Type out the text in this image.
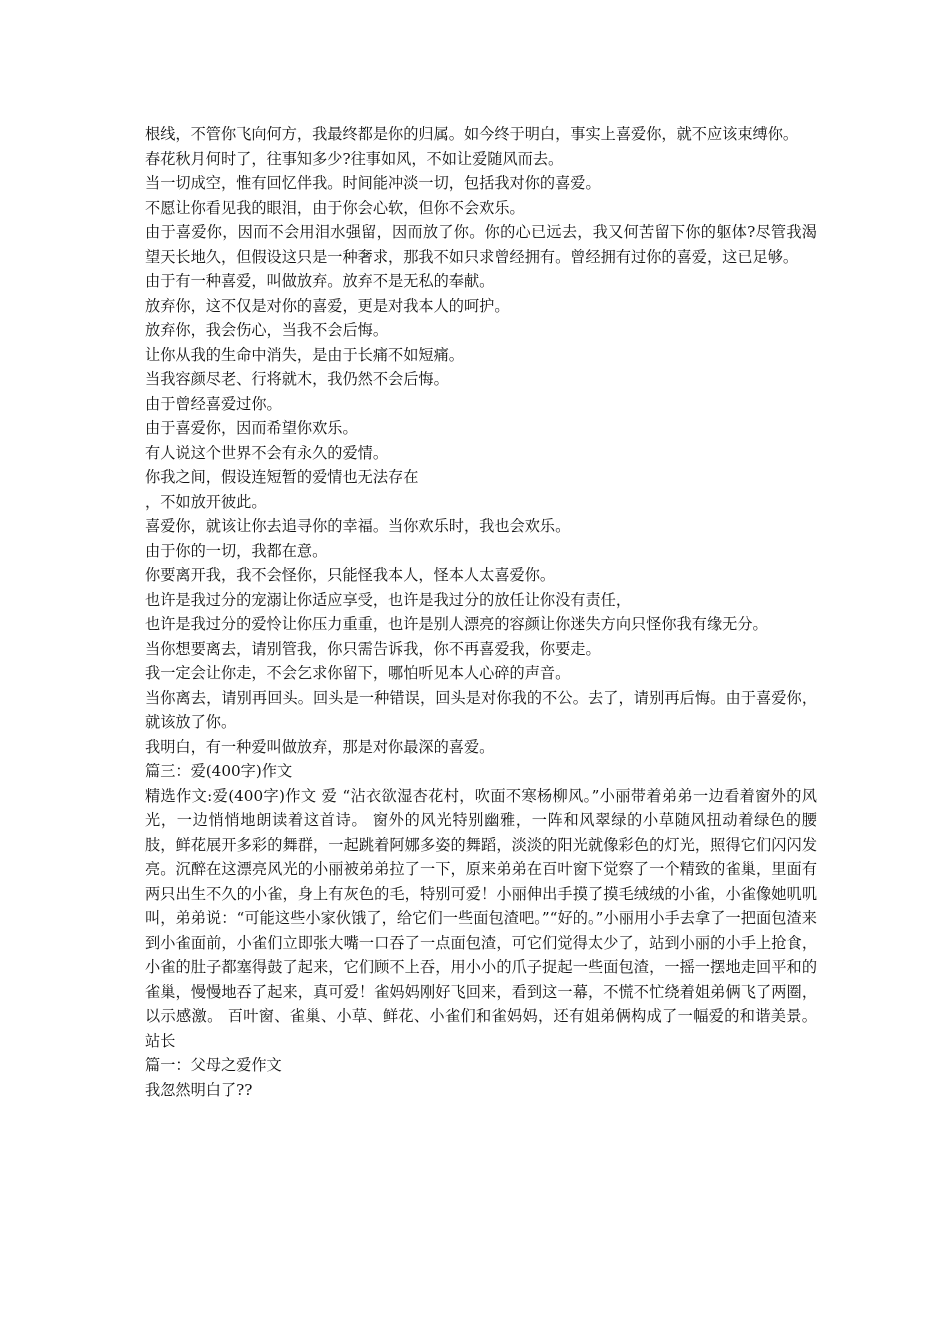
根线，不管你飞向何方，我最终都是你的归属。如今终于明白，事实上喜爱你，就不应该束缚你。

春花秋月何时了，往事知多少?往事如风，不如让爱随风而去。

当一切成空，惟有回忆伴我。时间能冲淡一切，包括我对你的喜爱。

不愿让你看见我的眼泪，由于你会心软，但你不会欢乐。

由于喜爱你，因而不会用泪水强留，因而放了你。你的心已远去，我又何苦留下你的躯体?尽管我渴望天长地久，但假设这只是一种奢求，那我不如只求曾经拥有。曾经拥有过你的喜爱，这已足够。

由于有一种喜爱，叫做放弃。放弃不是无私的奉献。

放弃你，这不仅是对你的喜爱，更是对我本人的呵护。

放弃你，我会伤心，当我不会后悔。

让你从我的生命中消失，是由于长痛不如短痛。

当我容颜尽老、行将就木，我仍然不会后悔。

由于曾经喜爱过你。

由于喜爱你，因而希望你欢乐。

有人说这个世界不会有永久的爱情。

你我之间，假设连短暂的爱情也无法存在

，不如放开彼此。

喜爱你，就该让你去追寻你的幸福。当你欢乐时，我也会欢乐。

由于你的一切，我都在意。

你要离开我，我不会怪你，只能怪我本人，怪本人太喜爱你。

也许是我过分的宠溺让你适应享受，也许是我过分的放任让你没有责任，

也许是我过分的爱怜让你压力重重，也许是别人漂亮的容颜让你迷失方向只怪你我有缘无分。

当你想要离去，请别管我，你只需告诉我，你不再喜爱我，你要走。

我一定会让你走，不会乞求你留下，哪怕听见本人心碎的声音。

当你离去，请别再回头。回头是一种错误，回头是对你我的不公。去了，请别再后悔。由于喜爱你，就该放了你。

我明白，有一种爱叫做放弃，那是对你最深的喜爱。

篇三：爱(400字)作文

精选作文:爱(400字)作文 爱 “沾衣欲湿杏花村，吹面不寒杨柳风。”小丽带着弟弟一边看着窗外的风光，一边悄悄地朗读着这首诗。 窗外的风光特别幽雅，一阵和风翠绿的小草随风扭动着绿色的腰肢，鲜花展开多彩的舞群，一起跳着阿娜多姿的舞蹈，淡淡的阳光就像彩色的灯光，照得它们闪闪发亮。沉醉在这漂亮风光的小丽被弟弟拉了一下，原来弟弟在百叶窗下觉察了一个精致的雀巢，里面有两只出生不久的小雀，身上有灰色的毛，特别可爱！小丽伸出手摸了摸毛绒绒的小雀，小雀像她叽叽叫，弟弟说：“可能这些小家伙饿了，给它们一些面包渣吧。”“好的。”小丽用小手去拿了一把面包渣来到小雀面前，小雀们立即张大嘴一口吞了一点面包渣，可它们觉得太少了，站到小丽的小手上抢食，小雀的肚子都塞得鼓了起来，它们顾不上吞，用小小的爪子捉起一些面包渣，一摇一摆地走回平和的雀巢，慢慢地吞了起来，真可爱！雀妈妈刚好飞回来，看到这一幕，不慌不忙绕着姐弟俩飞了两圈，以示感激。 百叶窗、雀巢、小草、鲜花、小雀们和雀妈妈，还有姐弟俩构成了一幅爱的和谐美景。 站长

篇一：父母之爱作文

我忽然明白了??
